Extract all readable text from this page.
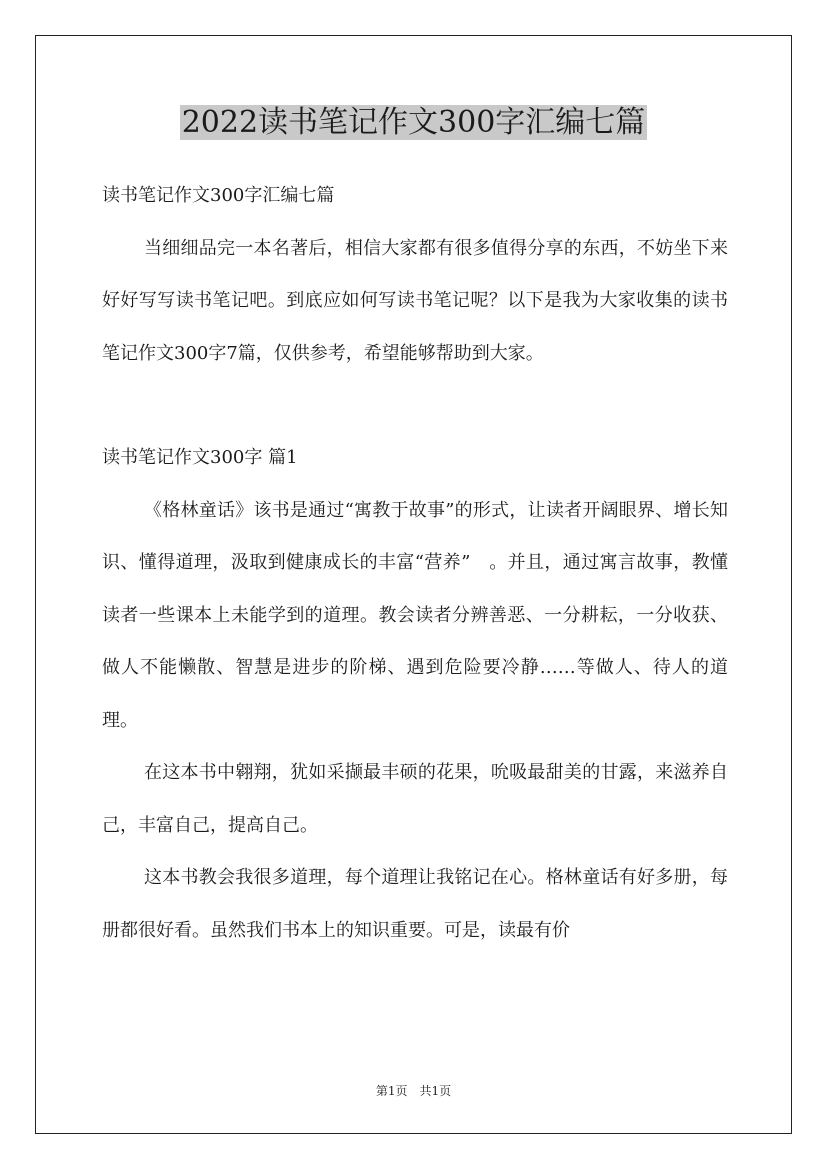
2022读书笔记作文300字汇编七篇

读书笔记作文300字汇编七篇

当细细品完一本名著后，相信大家都有很多值得分享的东西，不妨坐下来好好写写读书笔记吧。到底应如何写读书笔记呢？以下是我为大家收集的读书笔记作文300字7篇，仅供参考，希望能够帮助到大家。

读书笔记作文300字 篇1

《格林童话》该书是通过“寓教于故事”的形式，让读者开阔眼界、增长知识、懂得道理，汲取到健康成长的丰富“营养”　。并且，通过寓言故事，教懂读者一些课本上未能学到的道理。教会读者分辨善恶、一分耕耘，一分收获、做人不能懒散、智慧是进步的阶梯、遇到危险要冷静……等做人、待人的道理。

在这本书中翱翔，犹如采撷最丰硕的花果，吮吸最甜美的甘露，来滋养自己，丰富自己，提高自己。

这本书教会我很多道理，每个道理让我铭记在心。格林童话有好多册，每册都很好看。虽然我们书本上的知识重要。可是，读最有价

第1页　共1页
